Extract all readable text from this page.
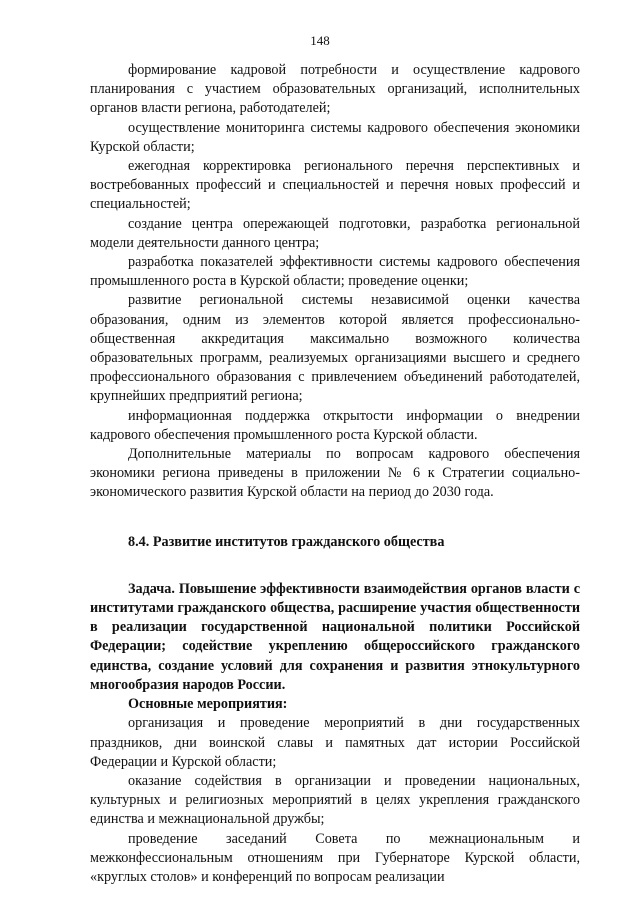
148

формирование кадровой потребности и осуществление кадрового планирования с участием образовательных организаций, исполнительных органов власти региона, работодателей;

осуществление мониторинга системы кадрового обеспечения экономики Курской области;

ежегодная корректировка регионального перечня перспективных и востребованных профессий и специальностей и перечня новых профессий и специальностей;

создание центра опережающей подготовки, разработка региональной модели деятельности данного центра;

разработка показателей эффективности системы кадрового обеспечения промышленного роста в Курской области; проведение оценки;

развитие региональной системы независимой оценки качества образования, одним из элементов которой является профессионально-общественная аккредитация максимально возможного количества образовательных программ, реализуемых организациями высшего и среднего профессионального образования с привлечением объединений работодателей, крупнейших предприятий региона;

информационная поддержка открытости информации о внедрении кадрового обеспечения промышленного роста Курской области.

Дополнительные материалы по вопросам кадрового обеспечения экономики региона приведены в приложении № 6 к Стратегии социально-экономического развития Курской области на период до 2030 года.

8.4. Развитие институтов гражданского общества

Задача. Повышение эффективности взаимодействия органов власти с институтами гражданского общества, расширение участия общественности в реализации государственной национальной политики Российской Федерации; содействие укреплению общероссийского гражданского единства, создание условий для сохранения и развития этнокультурного многообразия народов России.

Основные мероприятия:

организация и проведение мероприятий в дни государственных праздников, дни воинской славы и памятных дат истории Российской Федерации и Курской области;

оказание содействия в организации и проведении национальных, культурных и религиозных мероприятий в целях укрепления гражданского единства и межнациональной дружбы;

проведение заседаний Совета по межнациональным и межконфессиональным отношениям при Губернаторе Курской области, «круглых столов» и конференций по вопросам реализации
